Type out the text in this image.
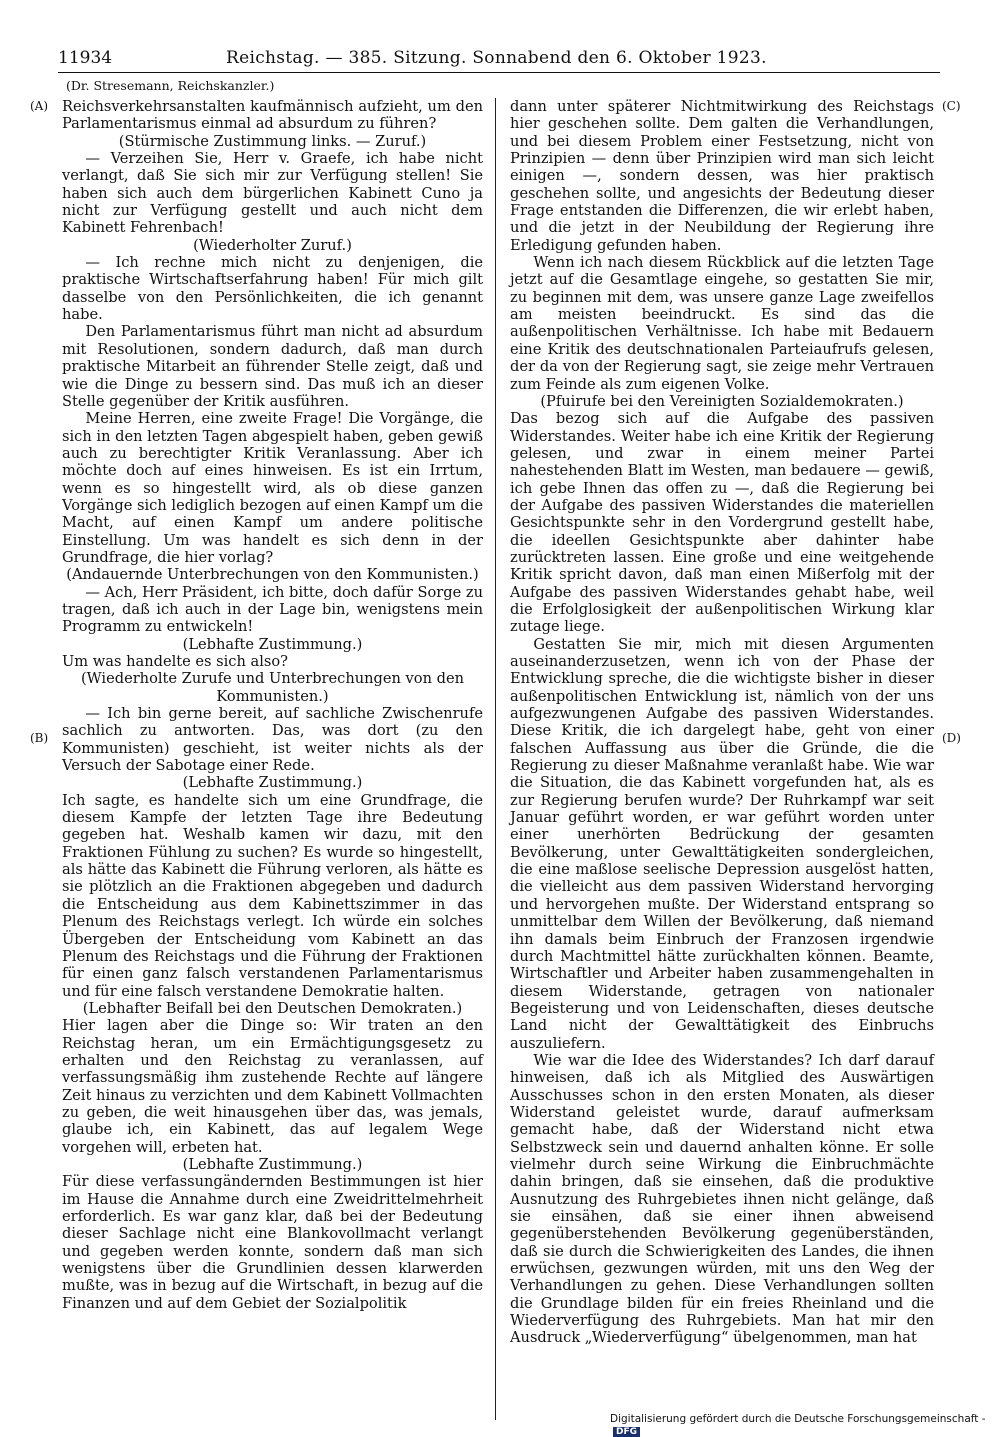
11934	Reichstag. — 385. Sitzung. Sonnabend den 6. Oktober 1923.
(Dr. Stresemann, Reichskanzler.)
(A)
(B)
(C)
(D)

Reichsverkehrsanstalten kaufmännisch aufzieht, um den Parlamentarismus einmal ad absurdum zu führen?

(Stürmische Zustimmung links. — Zuruf.)

— Verzeihen Sie, Herr v. Graefe, ich habe nicht verlangt, daß Sie sich mir zur Verfügung stellen! Sie haben sich auch dem bürgerlichen Kabinett Cuno ja nicht zur Verfügung gestellt und auch nicht dem Kabinett Fehrenbach!

(Wiederholter Zuruf.)

— Ich rechne mich nicht zu denjenigen, die praktische Wirtschaftserfahrung haben! Für mich gilt dasselbe von den Persönlichkeiten, die ich genannt habe.

Den Parlamentarismus führt man nicht ad absurdum mit Resolutionen, sondern dadurch, daß man durch praktische Mitarbeit an führender Stelle zeigt, daß und wie die Dinge zu bessern sind. Das muß ich an dieser Stelle gegenüber der Kritik ausführen.

Meine Herren, eine zweite Frage! Die Vorgänge, die sich in den letzten Tagen abgespielt haben, geben gewiß auch zu berechtigter Kritik Veranlassung. Aber ich möchte doch auf eines hinweisen. Es ist ein Irrtum, wenn es so hingestellt wird, als ob diese ganzen Vorgänge sich lediglich bezogen auf einen Kampf um die Macht, auf einen Kampf um andere politische Einstellung. Um was handelt es sich denn in der Grundfrage, die hier vorlag?

(Andauernde Unterbrechungen von den Kommunisten.)

— Ach, Herr Präsident, ich bitte, doch dafür Sorge zu tragen, daß ich auch in der Lage bin, wenigstens mein Programm zu entwickeln!

(Lebhafte Zustimmung.)

Um was handelte es sich also?

(Wiederholte Zurufe und Unterbrechungen von den Kommunisten.)

— Ich bin gerne bereit, auf sachliche Zwischenrufe sachlich zu antworten. Das, was dort (zu den Kommunisten) geschieht, ist weiter nichts als der Versuch der Sabotage einer Rede.

(Lebhafte Zustimmung.)

Ich sagte, es handelte sich um eine Grundfrage, die diesem Kampfe der letzten Tage ihre Bedeutung gegeben hat. Weshalb kamen wir dazu, mit den Fraktionen Fühlung zu suchen? Es wurde so hingestellt, als hätte das Kabinett die Führung verloren, als hätte es sie plötzlich an die Fraktionen abgegeben und dadurch die Entscheidung aus dem Kabinettszimmer in das Plenum des Reichstags verlegt. Ich würde ein solches Übergeben der Entscheidung vom Kabinett an das Plenum des Reichstags und die Führung der Fraktionen für einen ganz falsch verstandenen Parlamentarismus und für eine falsch verstandene Demokratie halten.

(Lebhafter Beifall bei den Deutschen Demokraten.)

Hier lagen aber die Dinge so: Wir traten an den Reichstag heran, um ein Ermächtigungsgesetz zu erhalten und den Reichstag zu veranlassen, auf verfassungsmäßig ihm zustehende Rechte auf längere Zeit hinaus zu verzichten und dem Kabinett Vollmachten zu geben, die weit hinausgehen über das, was jemals, glaube ich, ein Kabinett, das auf legalem Wege vorgehen will, erbeten hat.

(Lebhafte Zustimmung.)

Für diese verfassungändernden Bestimmungen ist hier im Hause die Annahme durch eine Zweidrittelmehrheit erforderlich. Es war ganz klar, daß bei der Bedeutung dieser Sachlage nicht eine Blankovollmacht verlangt und gegeben werden konnte, sondern daß man sich wenigstens über die Grundlinien dessen klarwerden mußte, was in bezug auf die Wirtschaft, in bezug auf die Finanzen und auf dem Gebiet der Sozialpolitik

dann unter späterer Nichtmitwirkung des Reichstags hier geschehen sollte. Dem galten die Verhandlungen, und bei diesem Problem einer Festsetzung, nicht von Prinzipien — denn über Prinzipien wird man sich leicht einigen —, sondern dessen, was hier praktisch geschehen sollte, und angesichts der Bedeutung dieser Frage entstanden die Differenzen, die wir erlebt haben, und die jetzt in der Neubildung der Regierung ihre Erledigung gefunden haben.

Wenn ich nach diesem Rückblick auf die letzten Tage jetzt auf die Gesamtlage eingehe, so gestatten Sie mir, zu beginnen mit dem, was unsere ganze Lage zweifellos am meisten beeindruckt. Es sind das die außenpolitischen Verhältnisse. Ich habe mit Bedauern eine Kritik des deutschnationalen Parteiaufrufs gelesen, der da von der Regierung sagt, sie zeige mehr Vertrauen zum Feinde als zum eigenen Volke.

(Pfuirufe bei den Vereinigten Sozialdemokraten.)

Das bezog sich auf die Aufgabe des passiven Widerstandes. Weiter habe ich eine Kritik der Regierung gelesen, und zwar in einem meiner Partei nahestehenden Blatt im Westen, man bedauere — gewiß, ich gebe Ihnen das offen zu —, daß die Regierung bei der Aufgabe des passiven Widerstandes die materiellen Gesichtspunkte sehr in den Vordergrund gestellt habe, die ideellen Gesichtspunkte aber dahinter habe zurücktreten lassen. Eine große und eine weitgehende Kritik spricht davon, daß man einen Mißerfolg mit der Aufgabe des passiven Widerstandes gehabt habe, weil die Erfolglosigkeit der außenpolitischen Wirkung klar zutage liege.

Gestatten Sie mir, mich mit diesen Argumenten auseinanderzusetzen, wenn ich von der Phase der Entwicklung spreche, die die wichtigste bisher in dieser außenpolitischen Entwicklung ist, nämlich von der uns aufgezwungenen Aufgabe des passiven Widerstandes. Diese Kritik, die ich dargelegt habe, geht von einer falschen Auffassung aus über die Gründe, die die Regierung zu dieser Maßnahme veranlaßt habe. Wie war die Situation, die das Kabinett vorgefunden hat, als es zur Regierung berufen wurde? Der Ruhrkampf war seit Januar geführt worden, er war geführt worden unter einer unerhörten Bedrückung der gesamten Bevölkerung, unter Gewalttätigkeiten sondergleichen, die eine maßlose seelische Depression ausgelöst hatten, die vielleicht aus dem passiven Widerstand hervorging und hervorgehen mußte. Der Widerstand entsprang so unmittelbar dem Willen der Bevölkerung, daß niemand ihn damals beim Einbruch der Franzosen irgendwie durch Machtmittel hätte zurückhalten können. Beamte, Wirtschaftler und Arbeiter haben zusammengehalten in diesem Widerstande, getragen von nationaler Begeisterung und von Leidenschaften, dieses deutsche Land nicht der Gewalttätigkeit des Einbruchs auszuliefern.

Wie war die Idee des Widerstandes? Ich darf darauf hinweisen, daß ich als Mitglied des Auswärtigen Ausschusses schon in den ersten Monaten, als dieser Widerstand geleistet wurde, darauf aufmerksam gemacht habe, daß der Widerstand nicht etwa Selbstzweck sein und dauernd anhalten könne. Er solle vielmehr durch seine Wirkung die Einbruchmächte dahin bringen, daß sie einsehen, daß die produktive Ausnutzung des Ruhrgebietes ihnen nicht gelänge, daß sie einsähen, daß sie einer ihnen abweisend gegenüberstehenden Bevölkerung gegenüberständen, daß sie durch die Schwierigkeiten des Landes, die ihnen erwüchsen, gezwungen würden, mit uns den Weg der Verhandlungen zu gehen. Diese Verhandlungen sollten die Grundlage bilden für ein freies Rheinland und die Wiederverfügung des Ruhrgebiets. Man hat mir den Ausdruck „Wiederverfügung“ übelgenommen, man hat

Digitalisierung gefördert durch die Deutsche Forschungsgemeinschaft -DFG
